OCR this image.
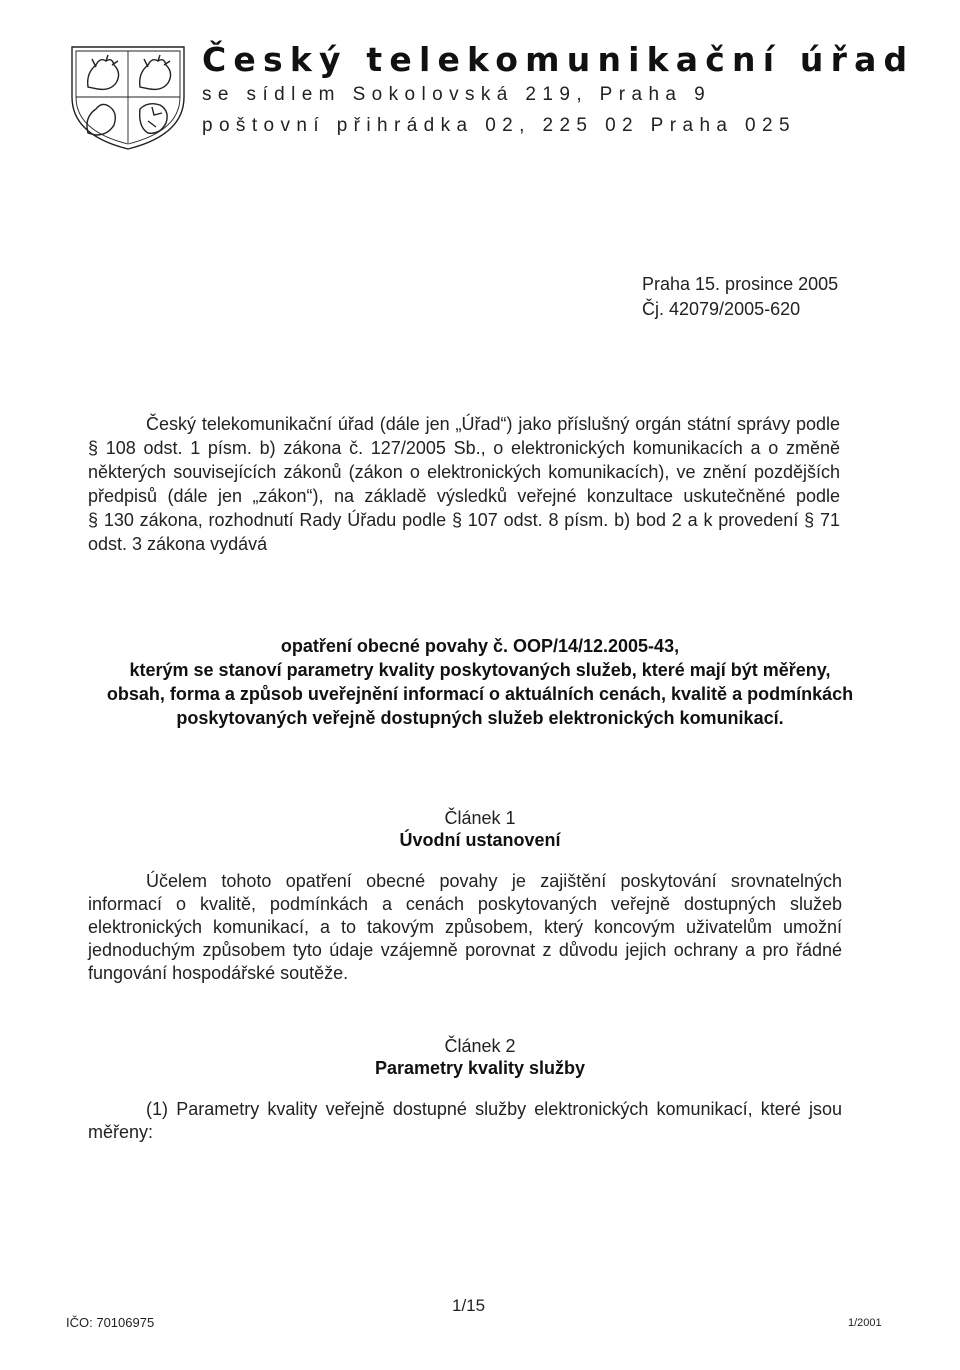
Český telekomunikační úřad
se sídlem Sokolovská 219, Praha 9
poštovní přihrádka 02, 225 02 Praha 025
Praha 15. prosince 2005
Čj. 42079/2005-620
Český telekomunikační úřad (dále jen „Úřad“) jako příslušný orgán státní správy podle
§ 108 odst. 1 písm. b) zákona č. 127/2005 Sb., o elektronických komunikacích a o změně
některých souvisejících zákonů (zákon o elektronických komunikacích), ve znění pozdějších
předpisů (dále jen „zákon“), na základě výsledků veřejné konzultace uskutečněné podle
§ 130 zákona, rozhodnutí Rady Úřadu podle § 107 odst. 8 písm. b) bod 2 a k provedení § 71
odst. 3 zákona vydává
opatření obecné povahy č. OOP/14/12.2005-43,
kterým se stanoví parametry kvality poskytovaných služeb, které mají být měřeny,
obsah, forma a způsob uveřejnění informací o aktuálních cenách, kvalitě a podmínkách
poskytovaných veřejně dostupných služeb elektronických komunikací.
Článek 1
Úvodní ustanovení
Účelem tohoto opatření obecné povahy je zajištění poskytování srovnatelných
informací o kvalitě, podmínkách a cenách poskytovaných veřejně dostupných služeb
elektronických komunikací, a to takovým způsobem, který koncovým uživatelům umožní
jednoduchým způsobem tyto údaje vzájemně porovnat z důvodu jejich ochrany a pro řádné
fungování hospodářské soutěže.
Článek 2
Parametry kvality služby
(1) Parametry kvality veřejně dostupné služby elektronických komunikací, které jsou
měřeny:
IČO: 70106975
1/15
1/2001
